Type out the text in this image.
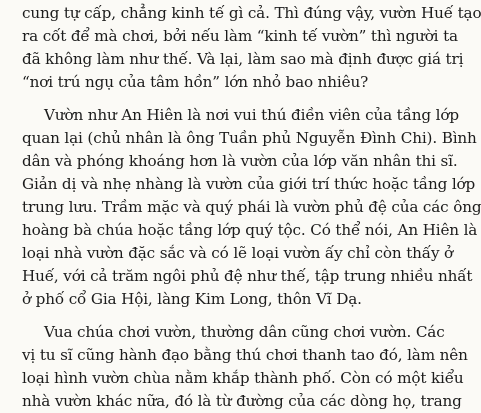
cung tự cấp, chẳng kinh tế gì cả. Thì đúng vậy, vườn Huế tạo
ra cốt để mà chơi, bởi nếu làm “kinh tế vườn” thì người ta
đã không làm như thế. Và lại, làm sao mà định được giá trị
“nơi trú ngụ của tâm hồn” lớn nhỏ bao nhiêu?
Vườn như An Hiên là nơi vui thú điền viên của tầng lớp
quan lại (chủ nhân là ông Tuần phủ Nguyễn Đình Chi). Bình
dân và phóng khoáng hơn là vườn của lớp văn nhân thi sĩ.
Giản dị và nhẹ nhàng là vườn của giới trí thức hoặc tầng lớp
trung lưu. Trầm mặc và quý phái là vườn phủ đệ của các ông
hoàng bà chúa hoặc tầng lớp quý tộc. Có thể nói, An Hiên là
loại nhà vườn đặc sắc và có lẽ loại vườn ấy chỉ còn thấy ở
Huế, với cả trăm ngôi phủ đệ như thế, tập trung nhiều nhất
ở phố cổ Gia Hội, làng Kim Long, thôn Vĩ Dạ.
Vua chúa chơi vườn, thường dân cũng chơi vườn. Các
vị tu sĩ cũng hành đạo bằng thú chơi thanh tao đó, làm nên
loại hình vườn chùa nằm khắp thành phố. Còn có một kiểu
nhà vườn khác nữa, đó là từ đường của các dòng họ, trang
